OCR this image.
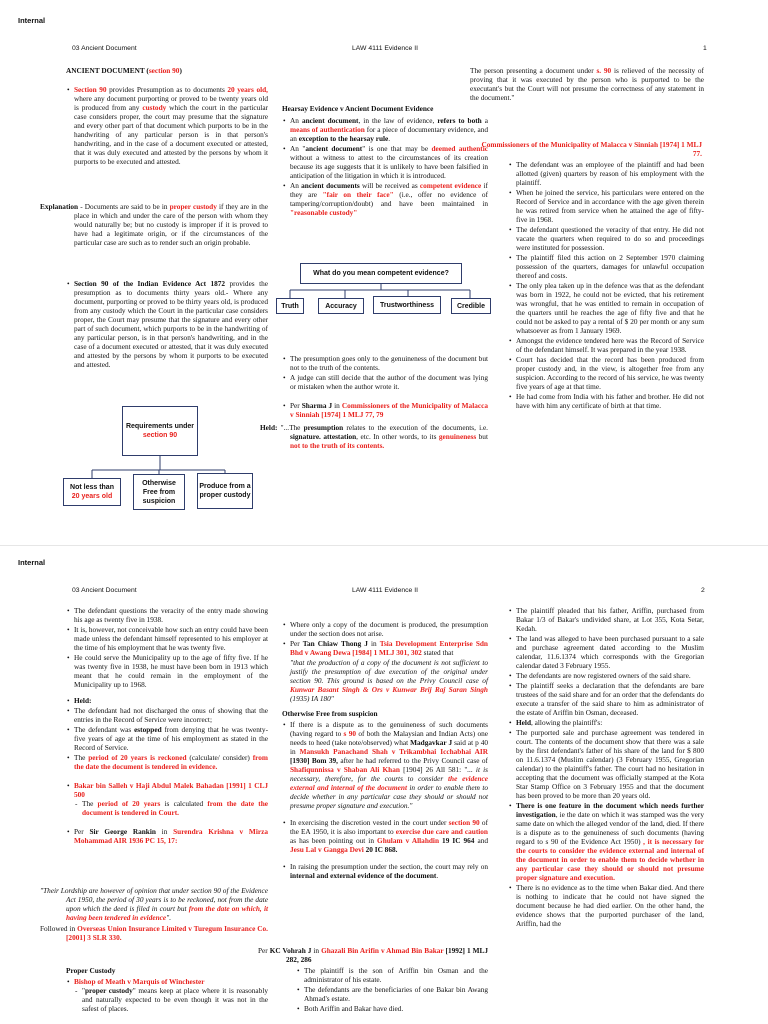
Internal
03 Ancient Document	LAW 4111 Evidence II	1

ANCIENT DOCUMENT (section 90)

• Section 90 provides Presumption as to documents 20 years old, where any document purporting or proved to be twenty years old is produced from any custody which the court in the particular case considers proper, the court may presume that the signature and every other part of that document which purports to be in the handwriting of any particular person is in that person's handwriting, and in the case of a document executed or attested, that it was duly executed and attested by the persons by whom it purports to be executed and attested.

Explanation - Documents are said to be in proper custody if they are in the place in which and under the care of the person with whom they would naturally be; but no custody is improper if it is proved to have had a legitimate origin, or if the circumstances of the particular case are such as to render such an origin probable.

• Section 90 of the Indian Evidence Act 1872 provides the presumption as to documents thirty years old.- Where any document, purporting or proved to be thirty years old, is produced from any custody which the Court in the particular case considers proper, the Court may presume that the signature and every other part of such document, which purports to be in the handwriting of any particular person, is in that person's handwriting, and in the case of a document executed or attested, that it was duly executed and attested by the persons by whom it purports to be executed and attested.
Requirements under
section 90
Not less than
20 years old
Otherwise Free from suspicion
Produce from a proper custody

Hearsay Evidence v Ancient Document Evidence

• An ancient document, in the law of evidence, refers to both a means of authentication for a piece of documentary evidence, and an exception to the hearsay rule.
• An "ancient document" is one that may be deemed authentic without a witness to attest to the circumstances of its creation because its age suggests that it is unlikely to have been falsified in anticipation of the litigation in which it is introduced.
• An ancient documents will be received as competent evidence if they are "fair on their face" (i.e., offer no evidence of tampering/corruption/doubt) and have been maintained in "reasonable custody"
What do you mean competent evidence?
Truth	Accuracy	Trustworthiness	Credible
• The presumption goes only to the genuineness of the document but not to the truth of the contents.
• A judge can still decide that the author of the document was lying or mistaken when the author wrote it.
• Per Sharma J in Commissioners of the Municipality of Malacca v Sinniah [1974] 1 MLJ 77, 79

Held: "...The presumption relates to the execution of the documents, i.e. signature. attestation, etc. In other words, to its genuineness but not to the truth of its contents.

The person presenting a document under s. 90 is relieved of the necessity of proving that it was executed by the person who is purported to be the executant's but the Court will not presume the correctness of any statement in the document."

Commissioners of the Municipality of Malacca v Sinniah [1974] 1 MLJ 77.

• The defendant was an employee of the plaintiff and had been allotted (given) quarters by reason of his employment with the plaintiff.
• When he joined the service, his particulars were entered on the Record of Service and in accordance with the age given therein he was retired from service when he attained the age of fifty-five in 1968.
• The defendant questioned the veracity of that entry. He did not vacate the quarters when required to do so and proceedings were instituted for possession.
• The plaintiff filed this action on 2 September 1970 claiming possession of the quarters, damages for unlawful occupation thereof and costs.
• The only plea taken up in the defence was that as the defendant was born in 1922, he could not be evicted, that his retirement was wrongful, that he was entitled to remain in occupation of the quarters until he reaches the age of fifty five and that he could not be asked to pay a rental of $ 20 per month or any sum whatsoever as from 1 January 1969.
• Amongst the evidence tendered here was the Record of Service of the defendant himself. It was prepared in the year 1938.
• Court has decided that the record has been produced from proper custody and, in the view, is altogether free from any suspicion. According to the record of his service, he was twenty five years of age at that time.
• He had come from India with his father and brother. He did not have with him any certificate of birth at that time.
Internal
03 Ancient Document	LAW 4111 Evidence II	2
• The defendant questions the veracity of the entry made showing his age as twenty five in 1938.
• It is, however, not conceivable how such an entry could have been made unless the defendant himself represented to his employer at the time of his employment that he was twenty five.
• He could serve the Municipality up to the age of fifty five. If he was twenty five in 1938, he must have been born in 1913 which meant that he could remain in the employment of the Municipality up to 1968.
• Held:
• The defendant had not discharged the onus of showing that the entries in the Record of Service were incorrect;
• The defendant was estopped from denying that he was twenty-five years of age at the time of his employment as stated in the Record of Service.
• The period of 20 years is reckoned (calculate/ consider) from the date the document is tendered in evidence.
• Bakar bin Salleh v Haji Abdul Malek Bahadan [1991] 1 CLJ 500
- The period of 20 years is calculated from the date the document is tendered in Court.
• Per Sir George Rankin in Surendra Krishna v Mirza Mohammad AIR 1936 PC 15, 17:

"Their Lordship are however of opinion that under section 90 of the Evidence Act 1950, the period of 30 years is to be reckoned, not from the date upon which the deed is filed in court but from the date on which, it having been tendered in evidence".

Followed in Overseas Union Insurance Limited v Turegum Insurance Co. [2001] 3 SLR 330.

Proper Custody

• Bishop of Meath v Marquis of Winchester
- "proper custody" means keep at place where it is reasonably and naturally expected to be even though it was not in the safest of places.
• Where only a copy of the document is produced, the presumption under the section does not arise.
• Per Tan Chiaw Thong J in Tsia Development Enterprise Sdn Bhd v Awang Dewa [1984] 1 MLJ 301, 302 stated that

"that the production of a copy of the document is not sufficient to justify the presumption of due execution of the original under section 90. This ground is based on the Privy Council case of Kunwar Basant Singh & Ors v Kunwar Brij Raj Saran Singh (1935) IA 180"

Otherwise Free from suspicion

• If there is a dispute as to the genuineness of such documents (having regard to s 90 of both the Malaysian and Indian Acts) one needs to heed (take note/observed) what Madgavkar J said at p 40 in Mansukh Panachand Shah v Trikambhai Icchabhai AIR [1930] Bom 39, after he had referred to the Privy Council case of Shafiqunnissa v Shaban Ali Khan [1904] 26 All 581: "... it is necessary, therefore, for the courts to consider the evidence external and internal of the document in order to enable them to decide whether in any particular case they should or should not presume proper signature and execution."
• In exercising the discretion vested in the court under section 90 of the EA 1950, it is also important to exercise due care and caution as has been pointing out in Ghulam v Allahdin 19 IC 964 and Jesu Lal v Gangga Devi 20 IC 868.
• In raising the presumption under the section, the court may rely on internal and external evidence of the document.

Per KC Vohrah J in Ghazali Bin Arifin v Ahmad Bin Bakar [1992] 1 MLJ 282, 286

• The plaintiff is the son of Ariffin bin Osman and the administrator of his estate.
• The defendants are the beneficiaries of one Bakar bin Awang Ahmad's estate.
• Both Ariffin and Bakar have died.
• The plaintiff pleaded that his father, Ariffin, purchased from Bakar 1/3 of Bakar's undivided share, at Lot 355, Kota Setar, Kedah.
• The land was alleged to have been purchased pursuant to a sale and purchase agreement dated according to the Muslim calendar, 11.6.1374 which corresponds with the Gregorian calendar dated 3 February 1955.
• The defendants are now registered owners of the said share.
• The plaintiff seeks a declaration that the defendants are bare trustees of the said share and for an order that the defendants do execute a transfer of the said share to him as administrator of the estate of Ariffin bin Osman, deceased.
• Held, allowing the plaintiff's:
• The purported sale and purchase agreement was tendered in court. The contents of the document show that there was a sale by the first defendant's father of his share of the land for $ 800 on 11.6.1374 (Muslim calendar) (3 February 1955, Gregorian calendar) to the plaintiff's father. The court had no hesitation in accepting that the document was officially stamped at the Kota Star Stamp Office on 3 February 1955 and that the document has been proved to be more than 20 years old.
• There is one feature in the document which needs further investigation, ie the date on which it was stamped was the very same date on which the alleged vendor of the land, died. If there is a dispute as to the genuineness of such documents (having regard to s 90 of the Evidence Act 1950) , it is necessary for the courts to consider the evidence external and internal of the document in order to enable them to decide whether in any particular case they should or should not presume proper signature and execution.
• There is no evidence as to the time when Bakar died. And there is nothing to indicate that he could not have signed the document because he had died earlier. On the other hand, the evidence shows that the purported purchaser of the land, Ariffin, had the
